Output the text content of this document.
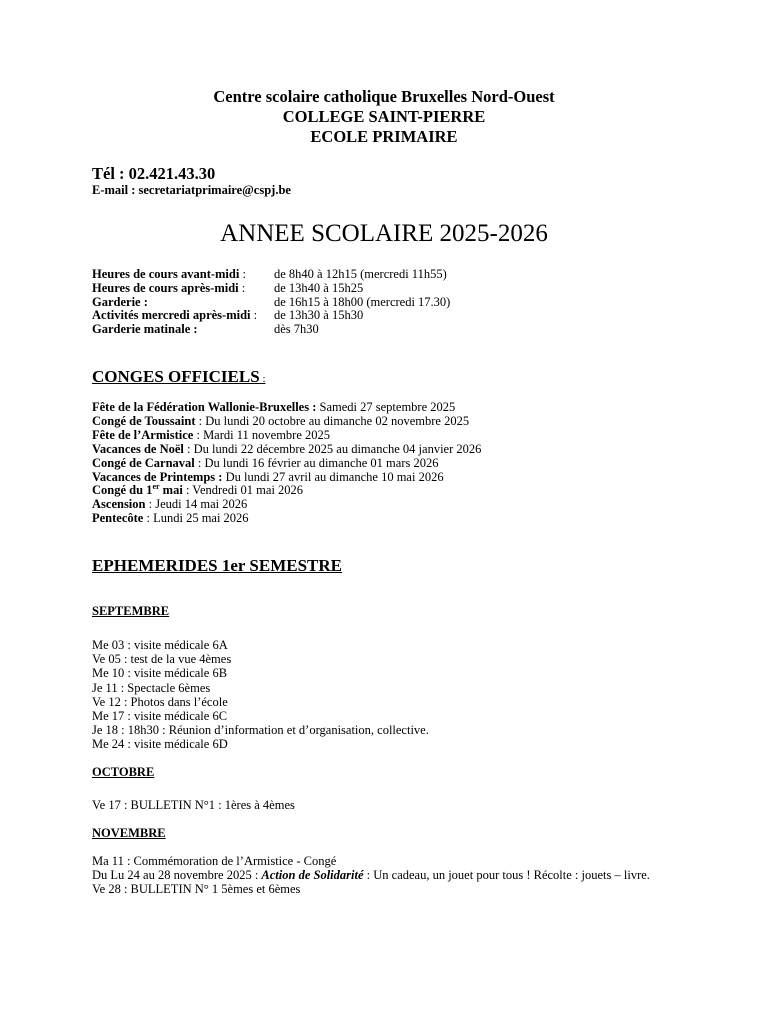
Centre scolaire catholique Bruxelles Nord-Ouest
COLLEGE SAINT-PIERRE
ECOLE PRIMAIRE
Tél : 02.421.43.30
E-mail : secretariatprimaire@cspj.be
ANNEE SCOLAIRE 2025-2026
Heures de cours avant-midi : de 8h40 à 12h15 (mercredi 11h55)
Heures de cours après-midi : de 13h40 à 15h25
Garderie :	de 16h15 à 18h00 (mercredi 17.30)
Activités mercredi après-midi : de 13h30 à 15h30
Garderie matinale :	dès 7h30
CONGES OFFICIELS :
Fête de la Fédération Wallonie-Bruxelles : Samedi 27 septembre 2025
Congé de Toussaint : Du lundi 20 octobre au dimanche 02 novembre 2025
Fête de l’Armistice : Mardi 11 novembre 2025
Vacances de Noël : Du lundi 22 décembre 2025 au dimanche 04 janvier 2026
Congé de Carnaval : Du lundi 16 février au dimanche 01 mars 2026
Vacances de Printemps : Du lundi 27 avril au dimanche 10 mai 2026
Congé du 1er mai : Vendredi 01 mai 2026
Ascension : Jeudi 14 mai 2026
Pentecôte : Lundi 25 mai 2026
EPHEMERIDES 1er SEMESTRE
SEPTEMBRE
Me 03 : visite médicale 6A
Ve 05 : test de la vue 4èmes
Me 10 : visite médicale 6B
Je 11 : Spectacle 6èmes
Ve 12 : Photos dans l’école
Me 17 : visite médicale 6C
Je 18 : 18h30 : Réunion d’information et d’organisation, collective.
Me 24 : visite médicale 6D
OCTOBRE
Ve 17 : BULLETIN N°1 : 1ères à 4èmes
NOVEMBRE
Ma 11 : Commémoration de l’Armistice - Congé
Du Lu 24 au 28 novembre 2025 : Action de Solidarité : Un cadeau, un jouet pour tous ! Récolte : jouets – livre.
Ve 28 : BULLETIN N° 1 5èmes et 6èmes
